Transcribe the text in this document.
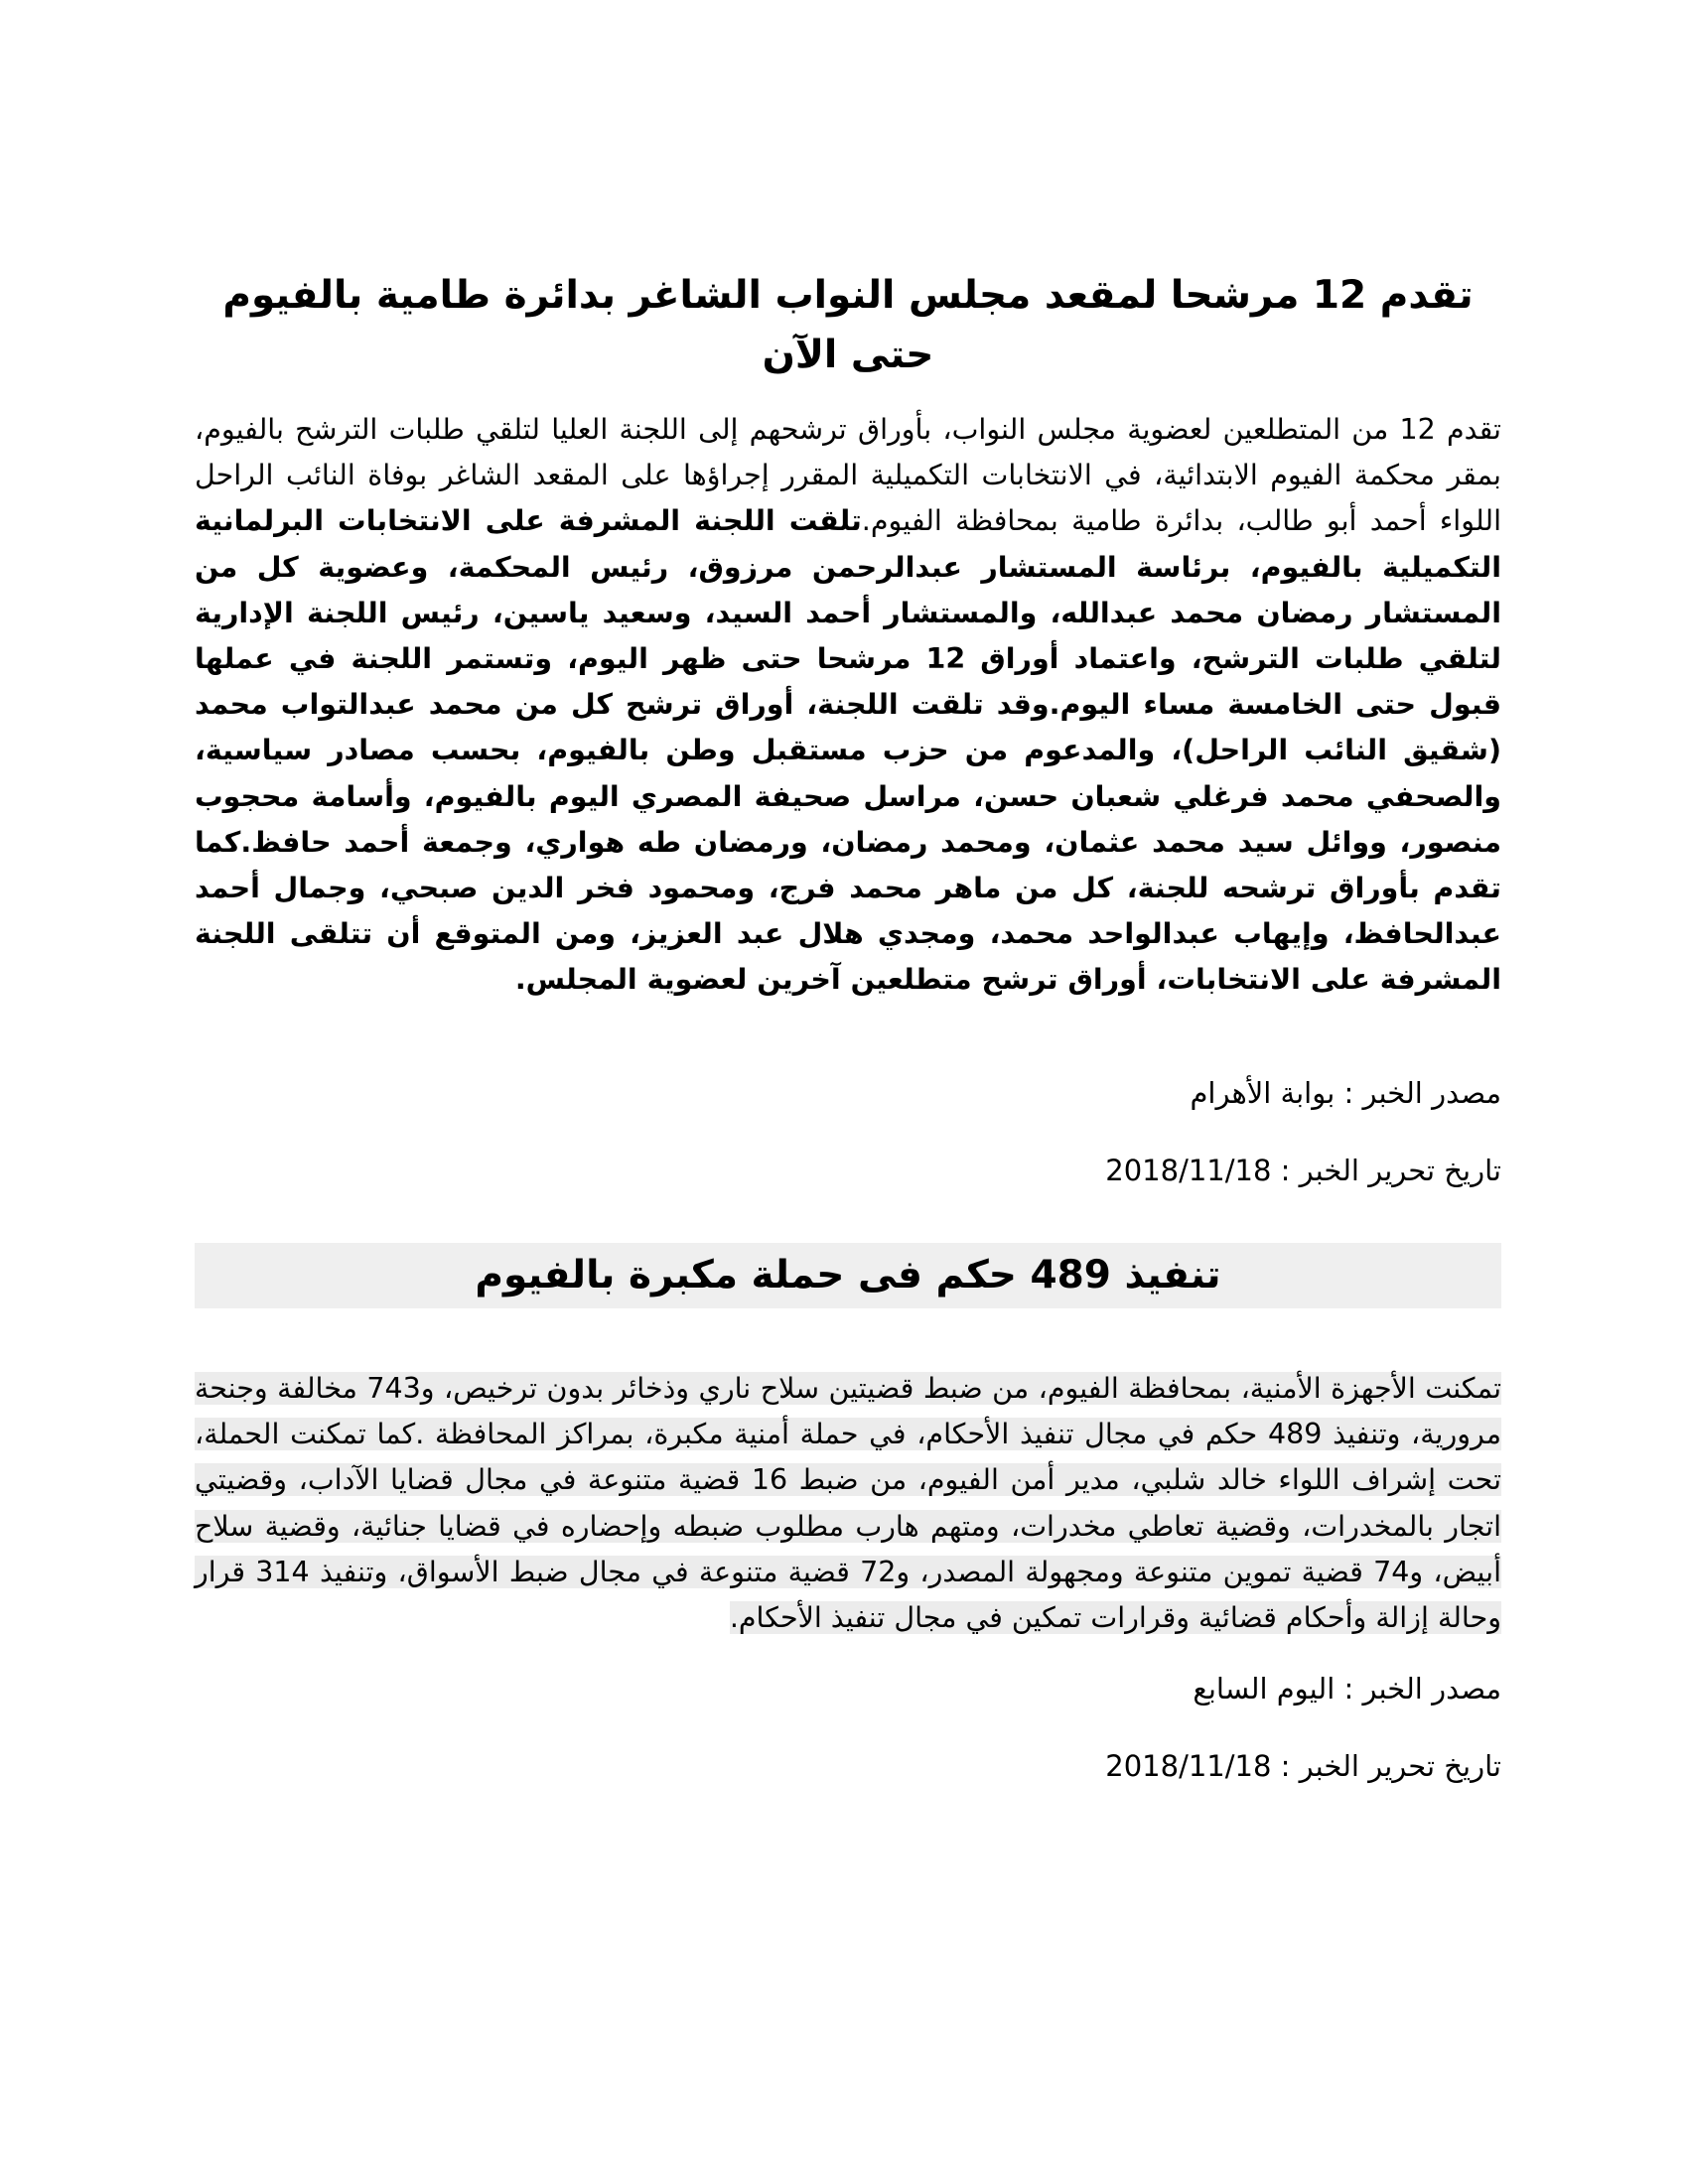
تقدم 12 مرشحا لمقعد مجلس النواب الشاغر بدائرة طامية بالفيوم حتى الآن

تقدم 12 من المتطلعين لعضوية مجلس النواب، بأوراق ترشحهم إلى اللجنة العليا لتلقي طلبات الترشح بالفيوم، بمقر محكمة الفيوم الابتدائية، في الانتخابات التكميلية المقرر إجراؤها على المقعد الشاغر بوفاة النائب الراحل اللواء أحمد أبو طالب، بدائرة طامية بمحافظة الفيوم.تلقت اللجنة المشرفة على الانتخابات البرلمانية التكميلية بالفيوم، برئاسة المستشار عبدالرحمن مرزوق، رئيس المحكمة، وعضوية كل من المستشار رمضان محمد عبدالله، والمستشار أحمد السيد، وسعيد ياسين، رئيس اللجنة الإدارية لتلقي طلبات الترشح، واعتماد أوراق 12 مرشحا حتى ظهر اليوم، وتستمر اللجنة في عملها قبول حتى الخامسة مساء اليوم.وقد تلقت اللجنة، أوراق ترشح كل من محمد عبدالتواب محمد (شقيق النائب الراحل)، والمدعوم من حزب مستقبل وطن بالفيوم، بحسب مصادر سياسية، والصحفي محمد فرغلي شعبان حسن، مراسل صحيفة المصري اليوم بالفيوم، وأسامة محجوب منصور، ووائل سيد محمد عثمان، ومحمد رمضان، ورمضان طه هواري، وجمعة أحمد حافظ.كما تقدم بأوراق ترشحه للجنة، كل من ماهر محمد فرج، ومحمود فخر الدين صبحي، وجمال أحمد عبدالحافظ، وإيهاب عبدالواحد محمد، ومجدي هلال عبد العزيز، ومن المتوقع أن تتلقى اللجنة المشرفة على الانتخابات، أوراق ترشح متطلعين آخرين لعضوية المجلس.

مصدر الخبر : بوابة الأهرام

تاريخ تحرير الخبر : 2018/11/18

تنفيذ 489 حكم فى حملة مكبرة بالفيوم

تمكنت الأجهزة الأمنية، بمحافظة الفيوم، من ضبط قضيتين سلاح ناري وذخائر بدون ترخيص، و743 مخالفة وجنحة مرورية، وتنفيذ 489 حكم في مجال تنفيذ الأحكام، في حملة أمنية مكبرة، بمراكز المحافظة .كما تمكنت الحملة، تحت إشراف اللواء خالد شلبي، مدير أمن الفيوم، من ضبط 16 قضية متنوعة في مجال قضايا الآداب، وقضيتي اتجار بالمخدرات، وقضية تعاطي مخدرات، ومتهم هارب مطلوب ضبطه وإحضاره في قضايا جنائية، وقضية سلاح أبيض، و74 قضية تموين متنوعة ومجهولة المصدر، و72 قضية متنوعة في مجال ضبط الأسواق، وتنفيذ 314 قرار وحالة إزالة وأحكام قضائية وقرارات تمكين في مجال تنفيذ الأحكام.

مصدر الخبر : اليوم السابع

تاريخ تحرير الخبر : 2018/11/18
